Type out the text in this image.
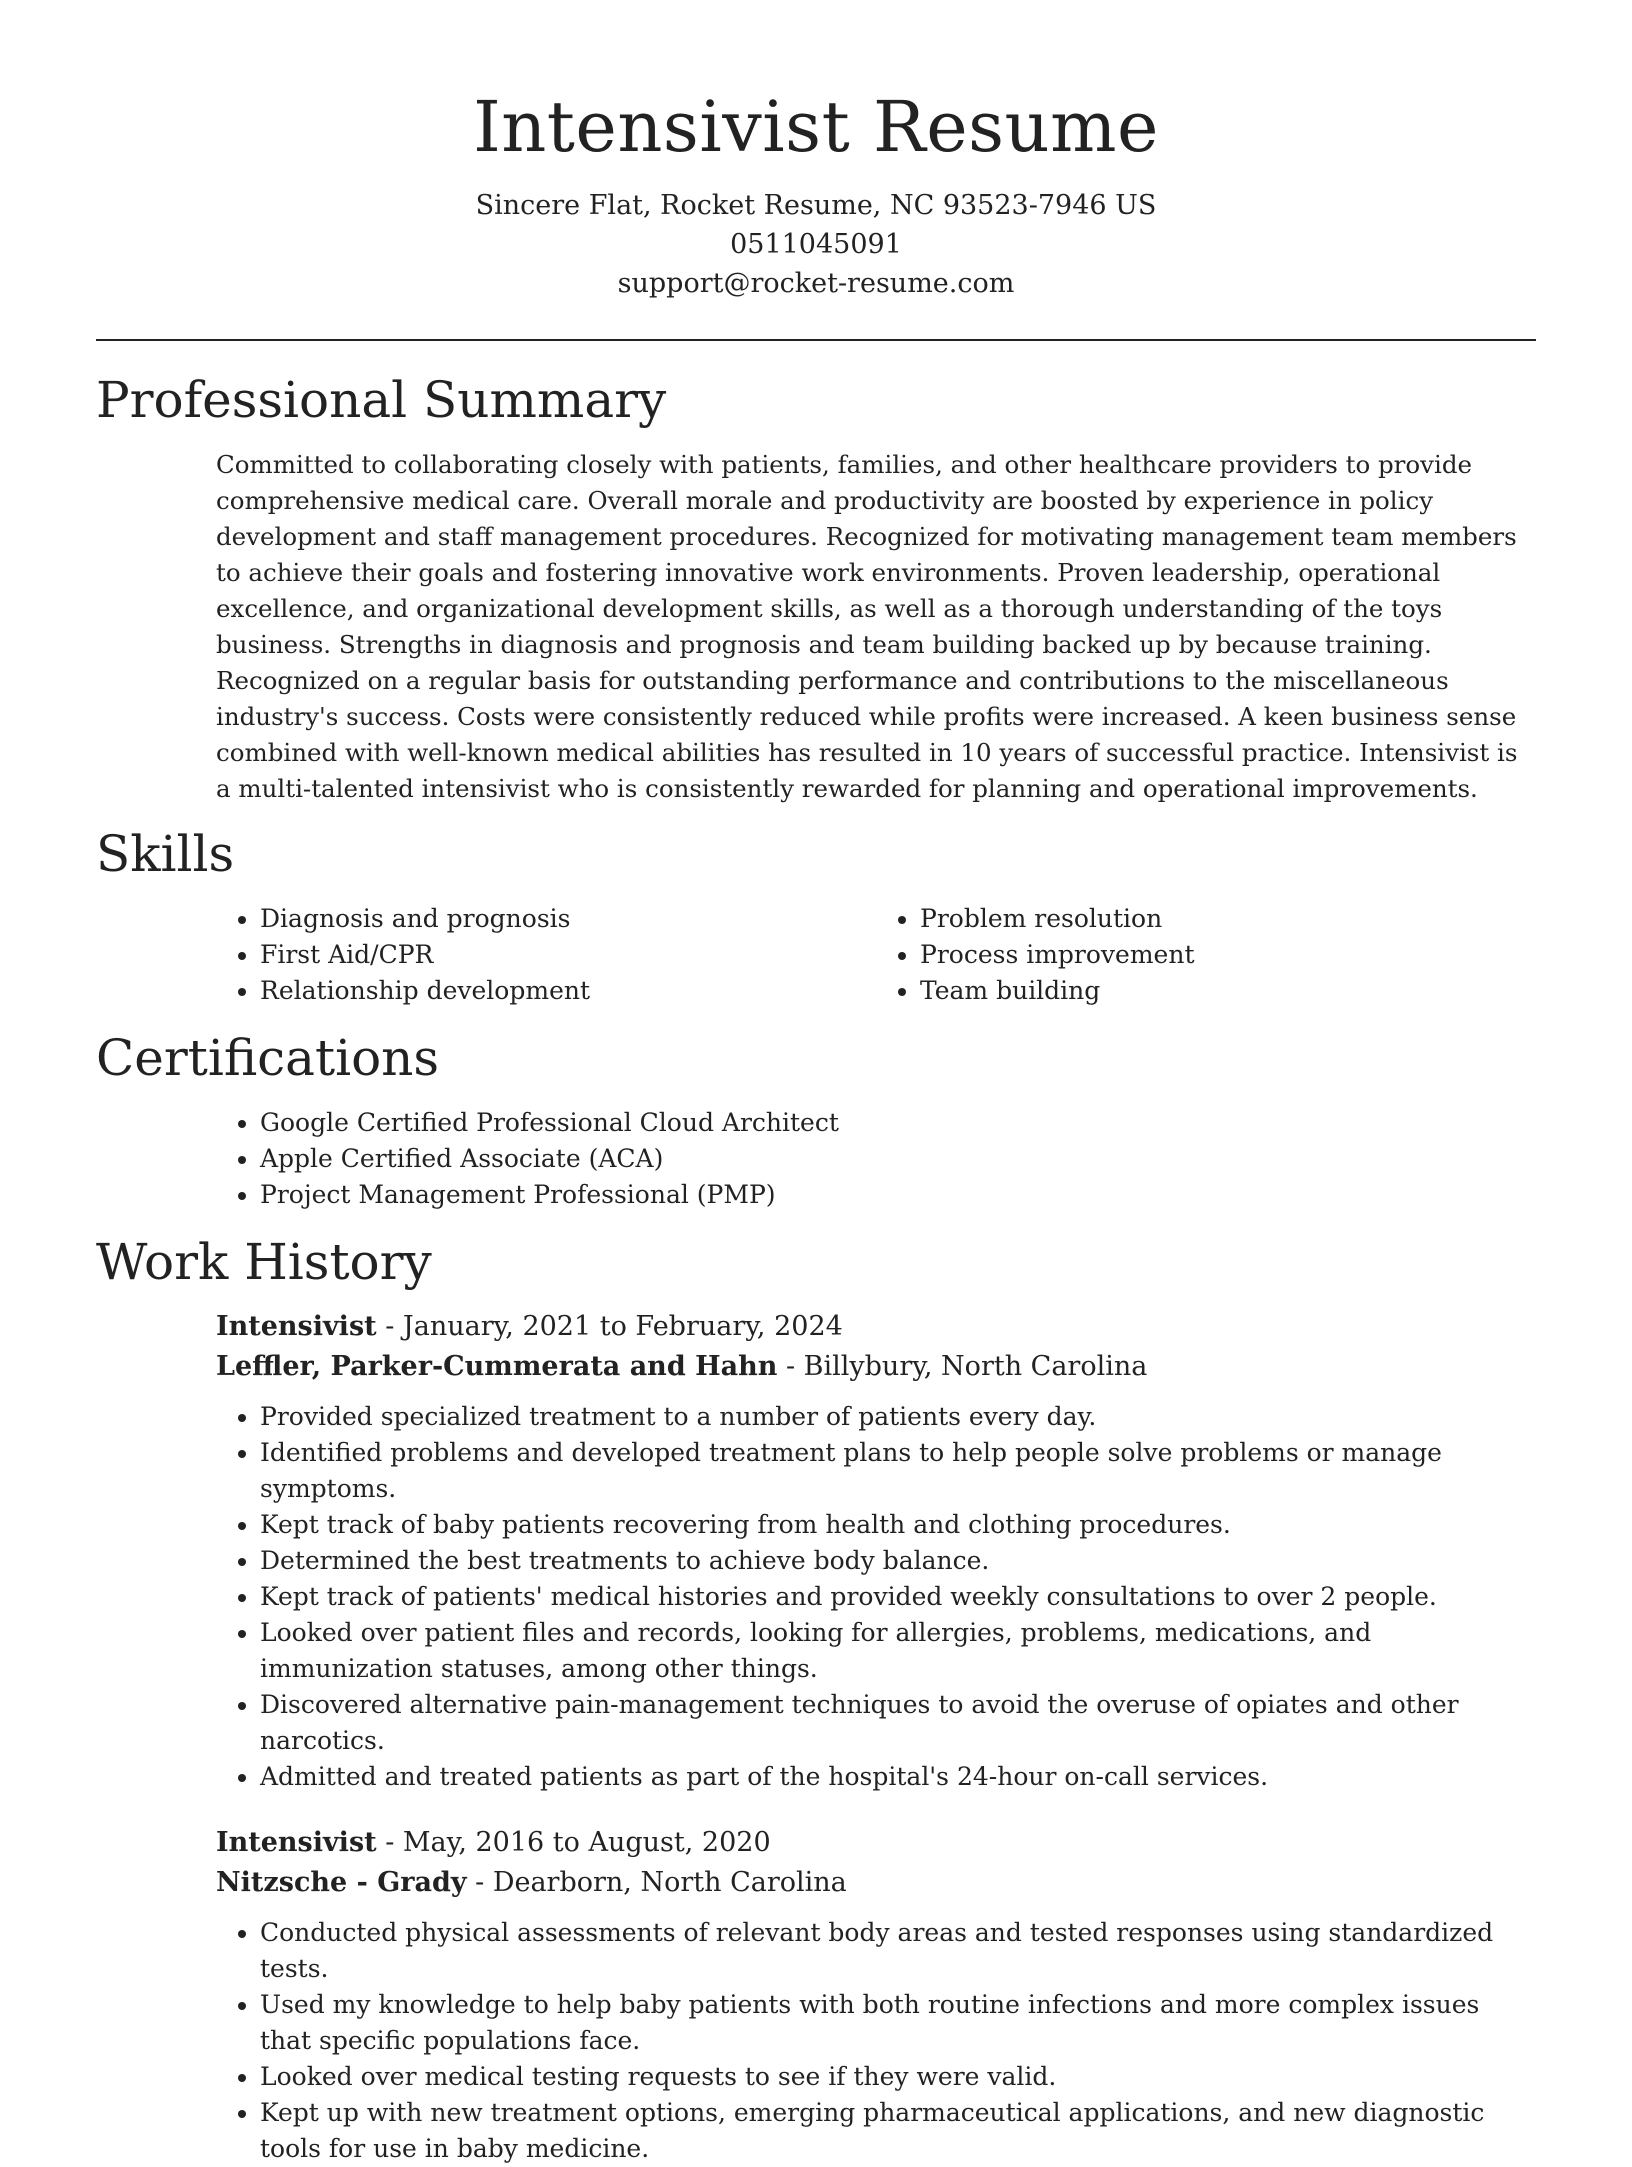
Intensivist Resume
Sincere Flat, Rocket Resume, NC 93523-7946 US
0511045091
support@rocket-resume.com
Professional Summary

Committed to collaborating closely with patients, families, and other healthcare providers to provide comprehensive medical care. Overall morale and productivity are boosted by experience in policy development and staff management procedures. Recognized for motivating management team members to achieve their goals and fostering innovative work environments. Proven leadership, operational excellence, and organizational development skills, as well as a thorough understanding of the toys business. Strengths in diagnosis and prognosis and team building backed up by because training. Recognized on a regular basis for outstanding performance and contributions to the miscellaneous industry's success. Costs were consistently reduced while profits were increased. A keen business sense combined with well-known medical abilities has resulted in 10 years of successful practice. Intensivist is a multi-talented intensivist who is consistently rewarded for planning and operational improvements.

Skills
• Diagnosis and prognosis
• First Aid/CPR
• Relationship development
• Problem resolution
• Process improvement
• Team building
Certifications
• Google Certified Professional Cloud Architect
• Apple Certified Associate (ACA)
• Project Management Professional (PMP)
Work History
Intensivist - January, 2021 to February, 2024
Leffler, Parker-Cummerata and Hahn - Billybury, North Carolina
• Provided specialized treatment to a number of patients every day.
• Identified problems and developed treatment plans to help people solve problems or manage symptoms.
• Kept track of baby patients recovering from health and clothing procedures.
• Determined the best treatments to achieve body balance.
• Kept track of patients' medical histories and provided weekly consultations to over 2 people.
• Looked over patient files and records, looking for allergies, problems, medications, and immunization statuses, among other things.
• Discovered alternative pain-management techniques to avoid the overuse of opiates and other narcotics.
• Admitted and treated patients as part of the hospital's 24-hour on-call services.
Intensivist - May, 2016 to August, 2020
Nitzsche - Grady - Dearborn, North Carolina
• Conducted physical assessments of relevant body areas and tested responses using standardized tests.
• Used my knowledge to help baby patients with both routine infections and more complex issues that specific populations face.
• Looked over medical testing requests to see if they were valid.
• Kept up with new treatment options, emerging pharmaceutical applications, and new diagnostic tools for use in baby medicine.
